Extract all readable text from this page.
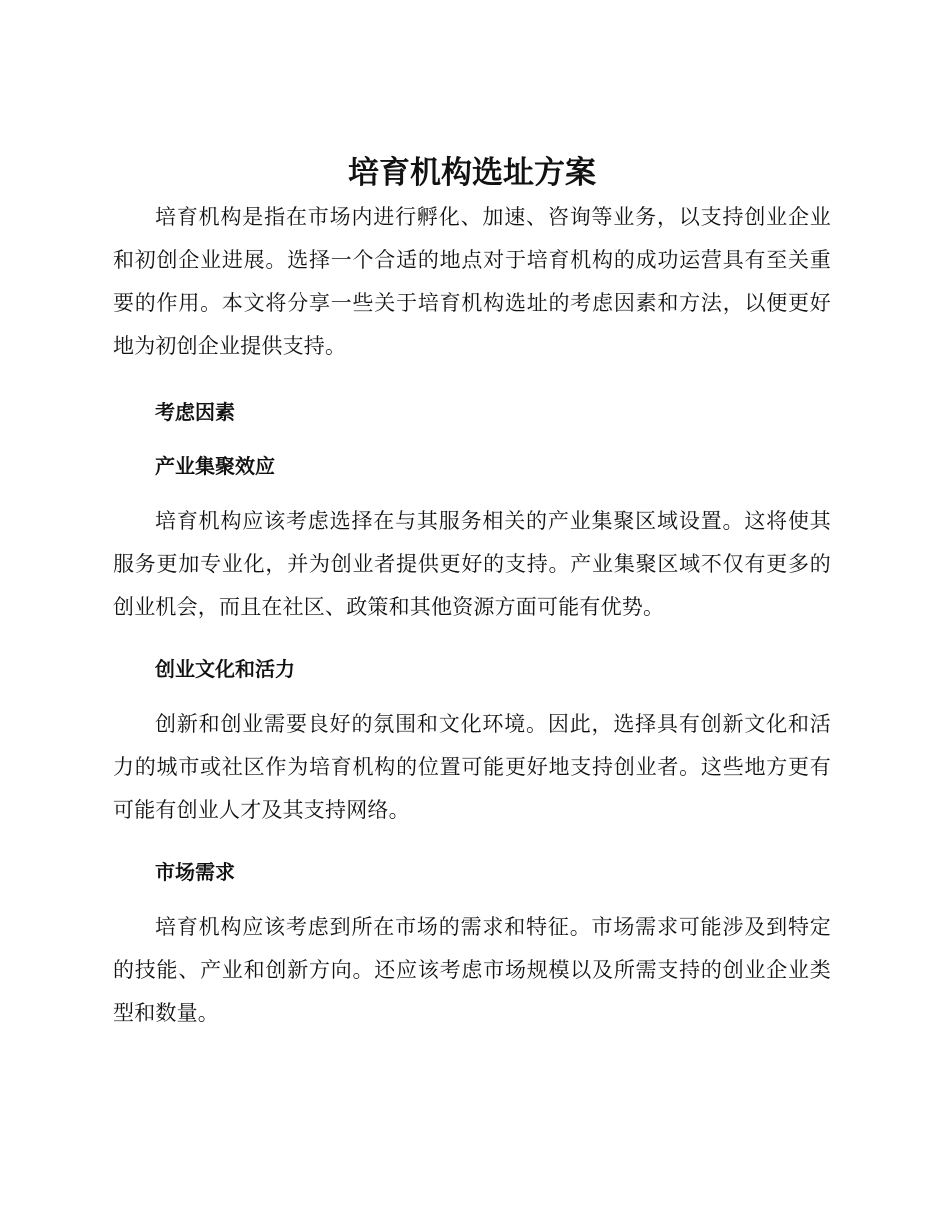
培育机构选址方案

培育机构是指在市场内进行孵化、加速、咨询等业务，以支持创业企业和初创企业进展。选择一个合适的地点对于培育机构的成功运营具有至关重要的作用。本文将分享一些关于培育机构选址的考虑因素和方法，以便更好地为初创企业提供支持。

考虑因素
产业集聚效应

培育机构应该考虑选择在与其服务相关的产业集聚区域设置。这将使其服务更加专业化，并为创业者提供更好的支持。产业集聚区域不仅有更多的创业机会，而且在社区、政策和其他资源方面可能有优势。

创业文化和活力

创新和创业需要良好的氛围和文化环境。因此，选择具有创新文化和活力的城市或社区作为培育机构的位置可能更好地支持创业者。这些地方更有可能有创业人才及其支持网络。

市场需求

培育机构应该考虑到所在市场的需求和特征。市场需求可能涉及到特定的技能、产业和创新方向。还应该考虑市场规模以及所需支持的创业企业类型和数量。
